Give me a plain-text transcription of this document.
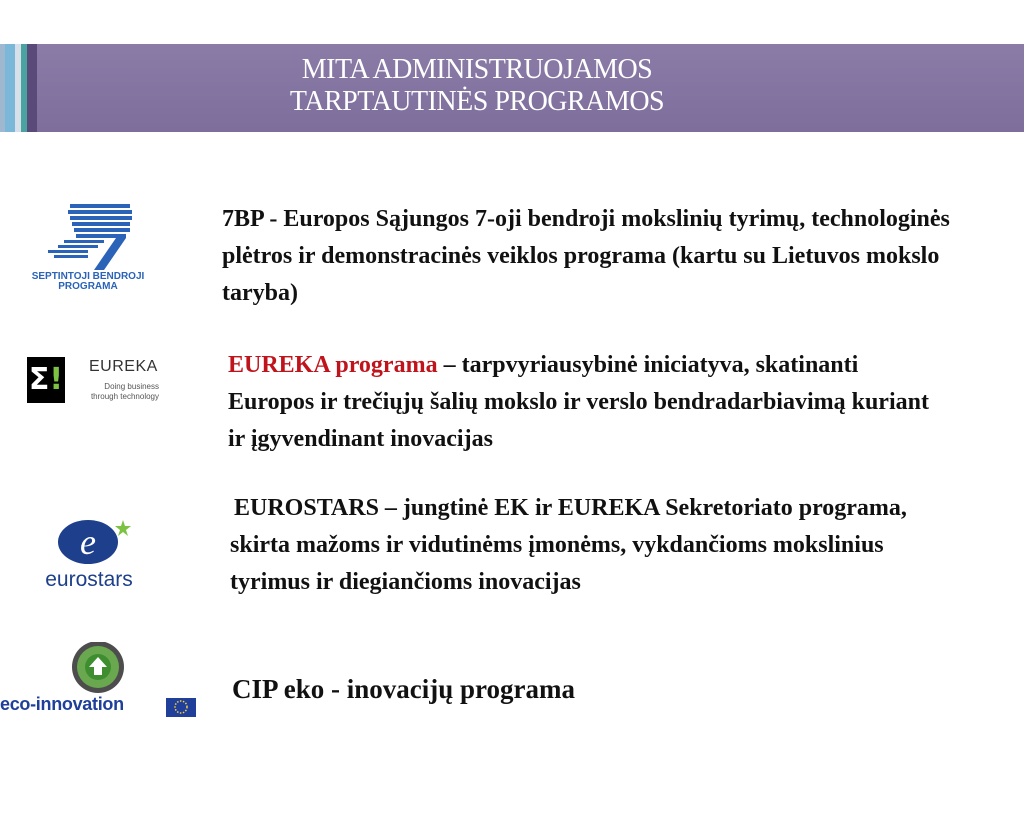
MITA ADMINISTRUOJAMOS
TARPTAUTINĖS PROGRAMOS
SEPTINTOJI BENDROJI
PROGRAMA
Σ! EUREKA
Doing business
through technology
e
eurostars
eco-innovation
7BP - Europos Sąjungos 7-oji bendroji mokslinių tyrimų, technologinės plėtros ir demonstracinės veiklos programa (kartu su Lietuvos mokslo taryba)
EUREKA programa – tarpvyriausybinė iniciatyva, skatinanti Europos ir trečiųjų šalių mokslo ir verslo bendradarbiavimą kuriant ir įgyvendinant inovacijas
EUROSTARS – jungtinė EK ir EUREKA Sekretoriato programa, skirta mažoms ir vidutinėms įmonėms, vykdančioms mokslinius tyrimus ir diegiančioms inovacijas
CIP eko - inovacijų programa
